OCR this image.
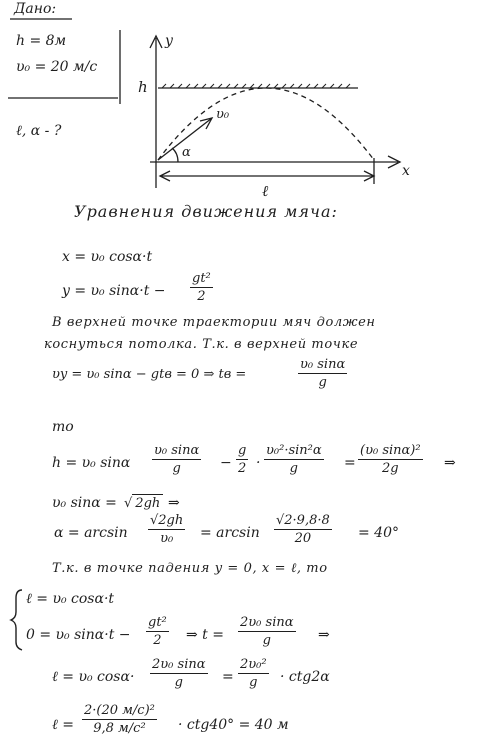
Дано:
h = 8м
υ₀ = 20 м/с
ℓ, α - ?
y
x
h
υ₀
α
ℓ
Уравнения движения мяча:
x = υ₀ cosα·t
y = υ₀ sinα·t −
gt²
2
В верхней точке траектории мяч должен
коснуться потолка. Т.к. в верхней точке
υy = υ₀ sinα − gtв = 0 ⇒ tв =
υ₀ sinα
g
то
h = υ₀ sinα
υ₀ sinα
g	−
g
2 ·
υ₀²·sin²α
g	=
(υ₀ sinα)²
2g	⇒
υ₀ sinα = √ 2gh ⇒
α = arcsin
√2gh
υ₀	= arcsin
√2·9,8·8
20	= 40°
Т.к. в точке падения y = 0, x = ℓ, то
ℓ = υ₀ cosα·t
0 = υ₀ sinα·t −
gt²
2	⇒ t =
2υ₀ sinα
g	⇒
ℓ = υ₀ cosα·
2υ₀ sinα
g	=
2υ₀²
g	· ctg2α
ℓ =
2·(20 м/с)²
9,8 м/с²	· ctg40° = 40 м
